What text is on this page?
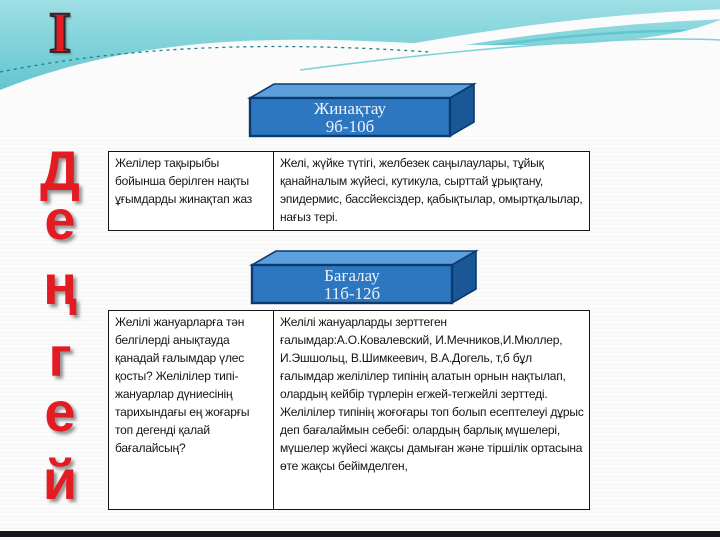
І
Д
е
ң
г
е
й
Жинақтау
9б-10б
Желілер тақырыбы бойынша берілген нақты ұғымдарды жинақтап жаз
Желі, жүйке түтігі, желбезек саңылаулары, тұйық қанайналым жүйесі, кутикула, сырттай ұрықтану, эпидермис, бассйексіздер, қабықтылар, омыртқалылар, нағыз тері.
Бағалау
11б-12б
Желілі жануарларға тән белгілерді анықтауда қанадай ғалымдар үлес қосты? Желілілер типі- жануарлар дүниесінің тарихындағы ең жоғарғы топ дегенді қалай бағалайсың?
Желілі жануарларды зерттеген ғалымдар:А.О.Ковалевский, И.Мечников,И.Мюллер, И.Эшшольц, В.Шимкеевич, В.А.Догель, т,б бұл ғалымдар желілілер типінің алатын орнын нақтылап, олардың кейбір түрлерін егжей-тегжейлі зерттеді. Желілілер типінің жоғоғары топ болып есептелеуі дұрыс деп бағалаймын себебі: олардың барлық мүшелері, мүшелер жүйесі жақсы дамыған және тіршілік ортасына өте жақсы бейімделген,
